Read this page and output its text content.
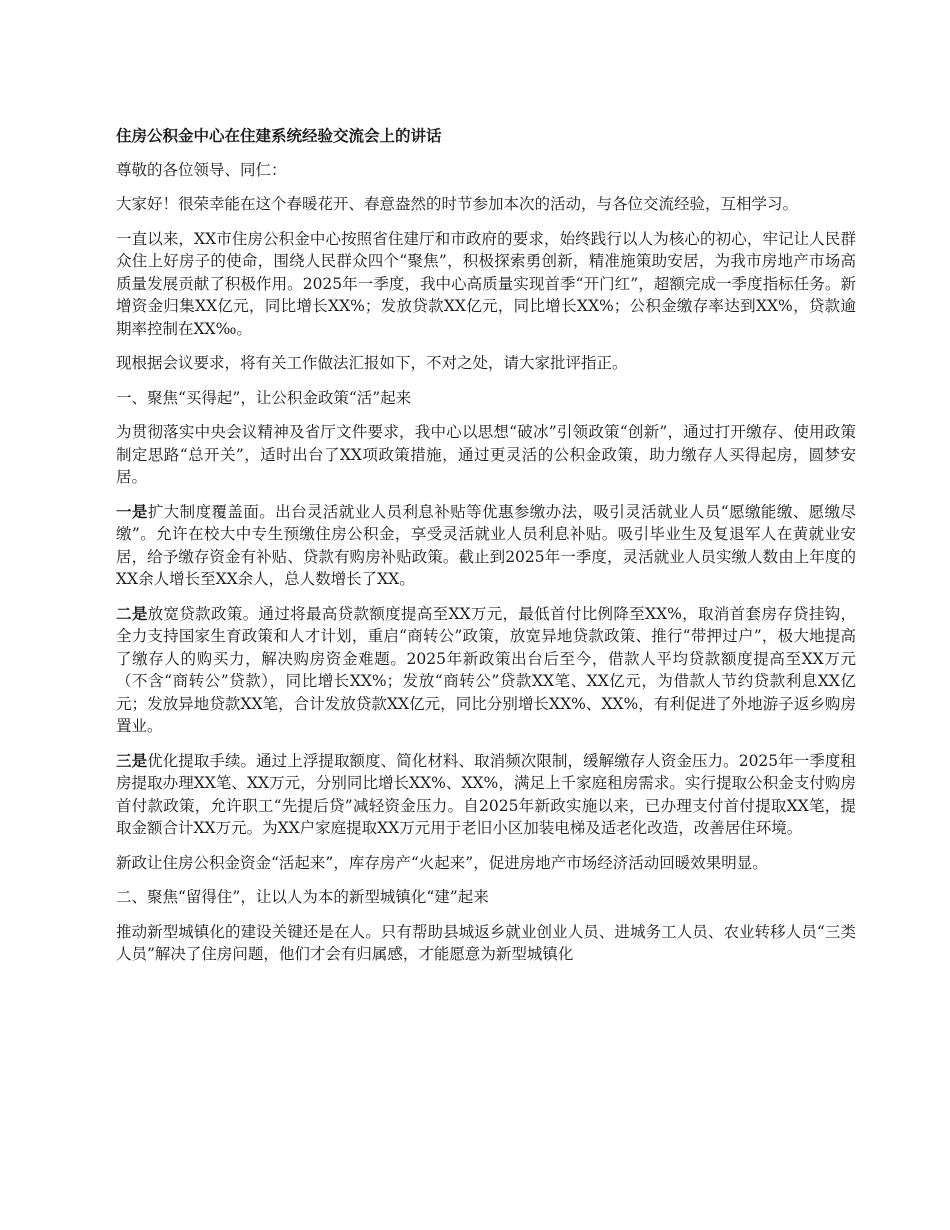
住房公积金中心在住建系统经验交流会上的讲话

尊敬的各位领导、同仁：

大家好！很荣幸能在这个春暖花开、春意盎然的时节参加本次的活动，与各位交流经验，互相学习。

一直以来，XX市住房公积金中心按照省住建厅和市政府的要求，始终践行以人为核心的初心，牢记让人民群众住上好房子的使命，围绕人民群众四个“聚焦”，积极探索勇创新，精准施策助安居，为我市房地产市场高质量发展贡献了积极作用。2025年一季度，我中心高质量实现首季“开门红”，超额完成一季度指标任务。新增资金归集XX亿元，同比增长XX%；发放贷款XX亿元，同比增长XX%；公积金缴存率达到XX%，贷款逾期率控制在XX‰。

现根据会议要求，将有关工作做法汇报如下，不对之处，请大家批评指正。

一、聚焦“买得起”，让公积金政策“活”起来

为贯彻落实中央会议精神及省厅文件要求，我中心以思想“破冰”引领政策“创新”，通过打开缴存、使用政策制定思路“总开关”，适时出台了XX项政策措施，通过更灵活的公积金政策，助力缴存人买得起房，圆梦安居。

一是扩大制度覆盖面。出台灵活就业人员利息补贴等优惠参缴办法，吸引灵活就业人员“愿缴能缴、愿缴尽缴”。允许在校大中专生预缴住房公积金，享受灵活就业人员利息补贴。吸引毕业生及复退军人在黄就业安居，给予缴存资金有补贴、贷款有购房补贴政策。截止到2025年一季度，灵活就业人员实缴人数由上年度的XX余人增长至XX余人，总人数增长了XX。

二是放宽贷款政策。通过将最高贷款额度提高至XX万元，最低首付比例降至XX%，取消首套房存贷挂钩，全力支持国家生育政策和人才计划，重启“商转公”政策，放宽异地贷款政策、推行“带押过户”，极大地提高了缴存人的购买力，解决购房资金难题。2025年新政策出台后至今，借款人平均贷款额度提高至XX万元（不含“商转公”贷款），同比增长XX%；发放“商转公”贷款XX笔、XX亿元，为借款人节约贷款利息XX亿元；发放异地贷款XX笔，合计发放贷款XX亿元，同比分别增长XX%、XX%，有利促进了外地游子返乡购房置业。

三是优化提取手续。通过上浮提取额度、简化材料、取消频次限制，缓解缴存人资金压力。2025年一季度租房提取办理XX笔、XX万元，分别同比增长XX%、XX%，满足上千家庭租房需求。实行提取公积金支付购房首付款政策，允许职工“先提后贷”减轻资金压力。自2025年新政实施以来，已办理支付首付提取XX笔，提取金额合计XX万元。为XX户家庭提取XX万元用于老旧小区加装电梯及适老化改造，改善居住环境。

新政让住房公积金资金“活起来”，库存房产“火起来”，促进房地产市场经济活动回暖效果明显。

二、聚焦“留得住”，让以人为本的新型城镇化“建”起来

推动新型城镇化的建设关键还是在人。只有帮助县城返乡就业创业人员、进城务工人员、农业转移人员“三类人员”解决了住房问题，他们才会有归属感，才能愿意为新型城镇化
